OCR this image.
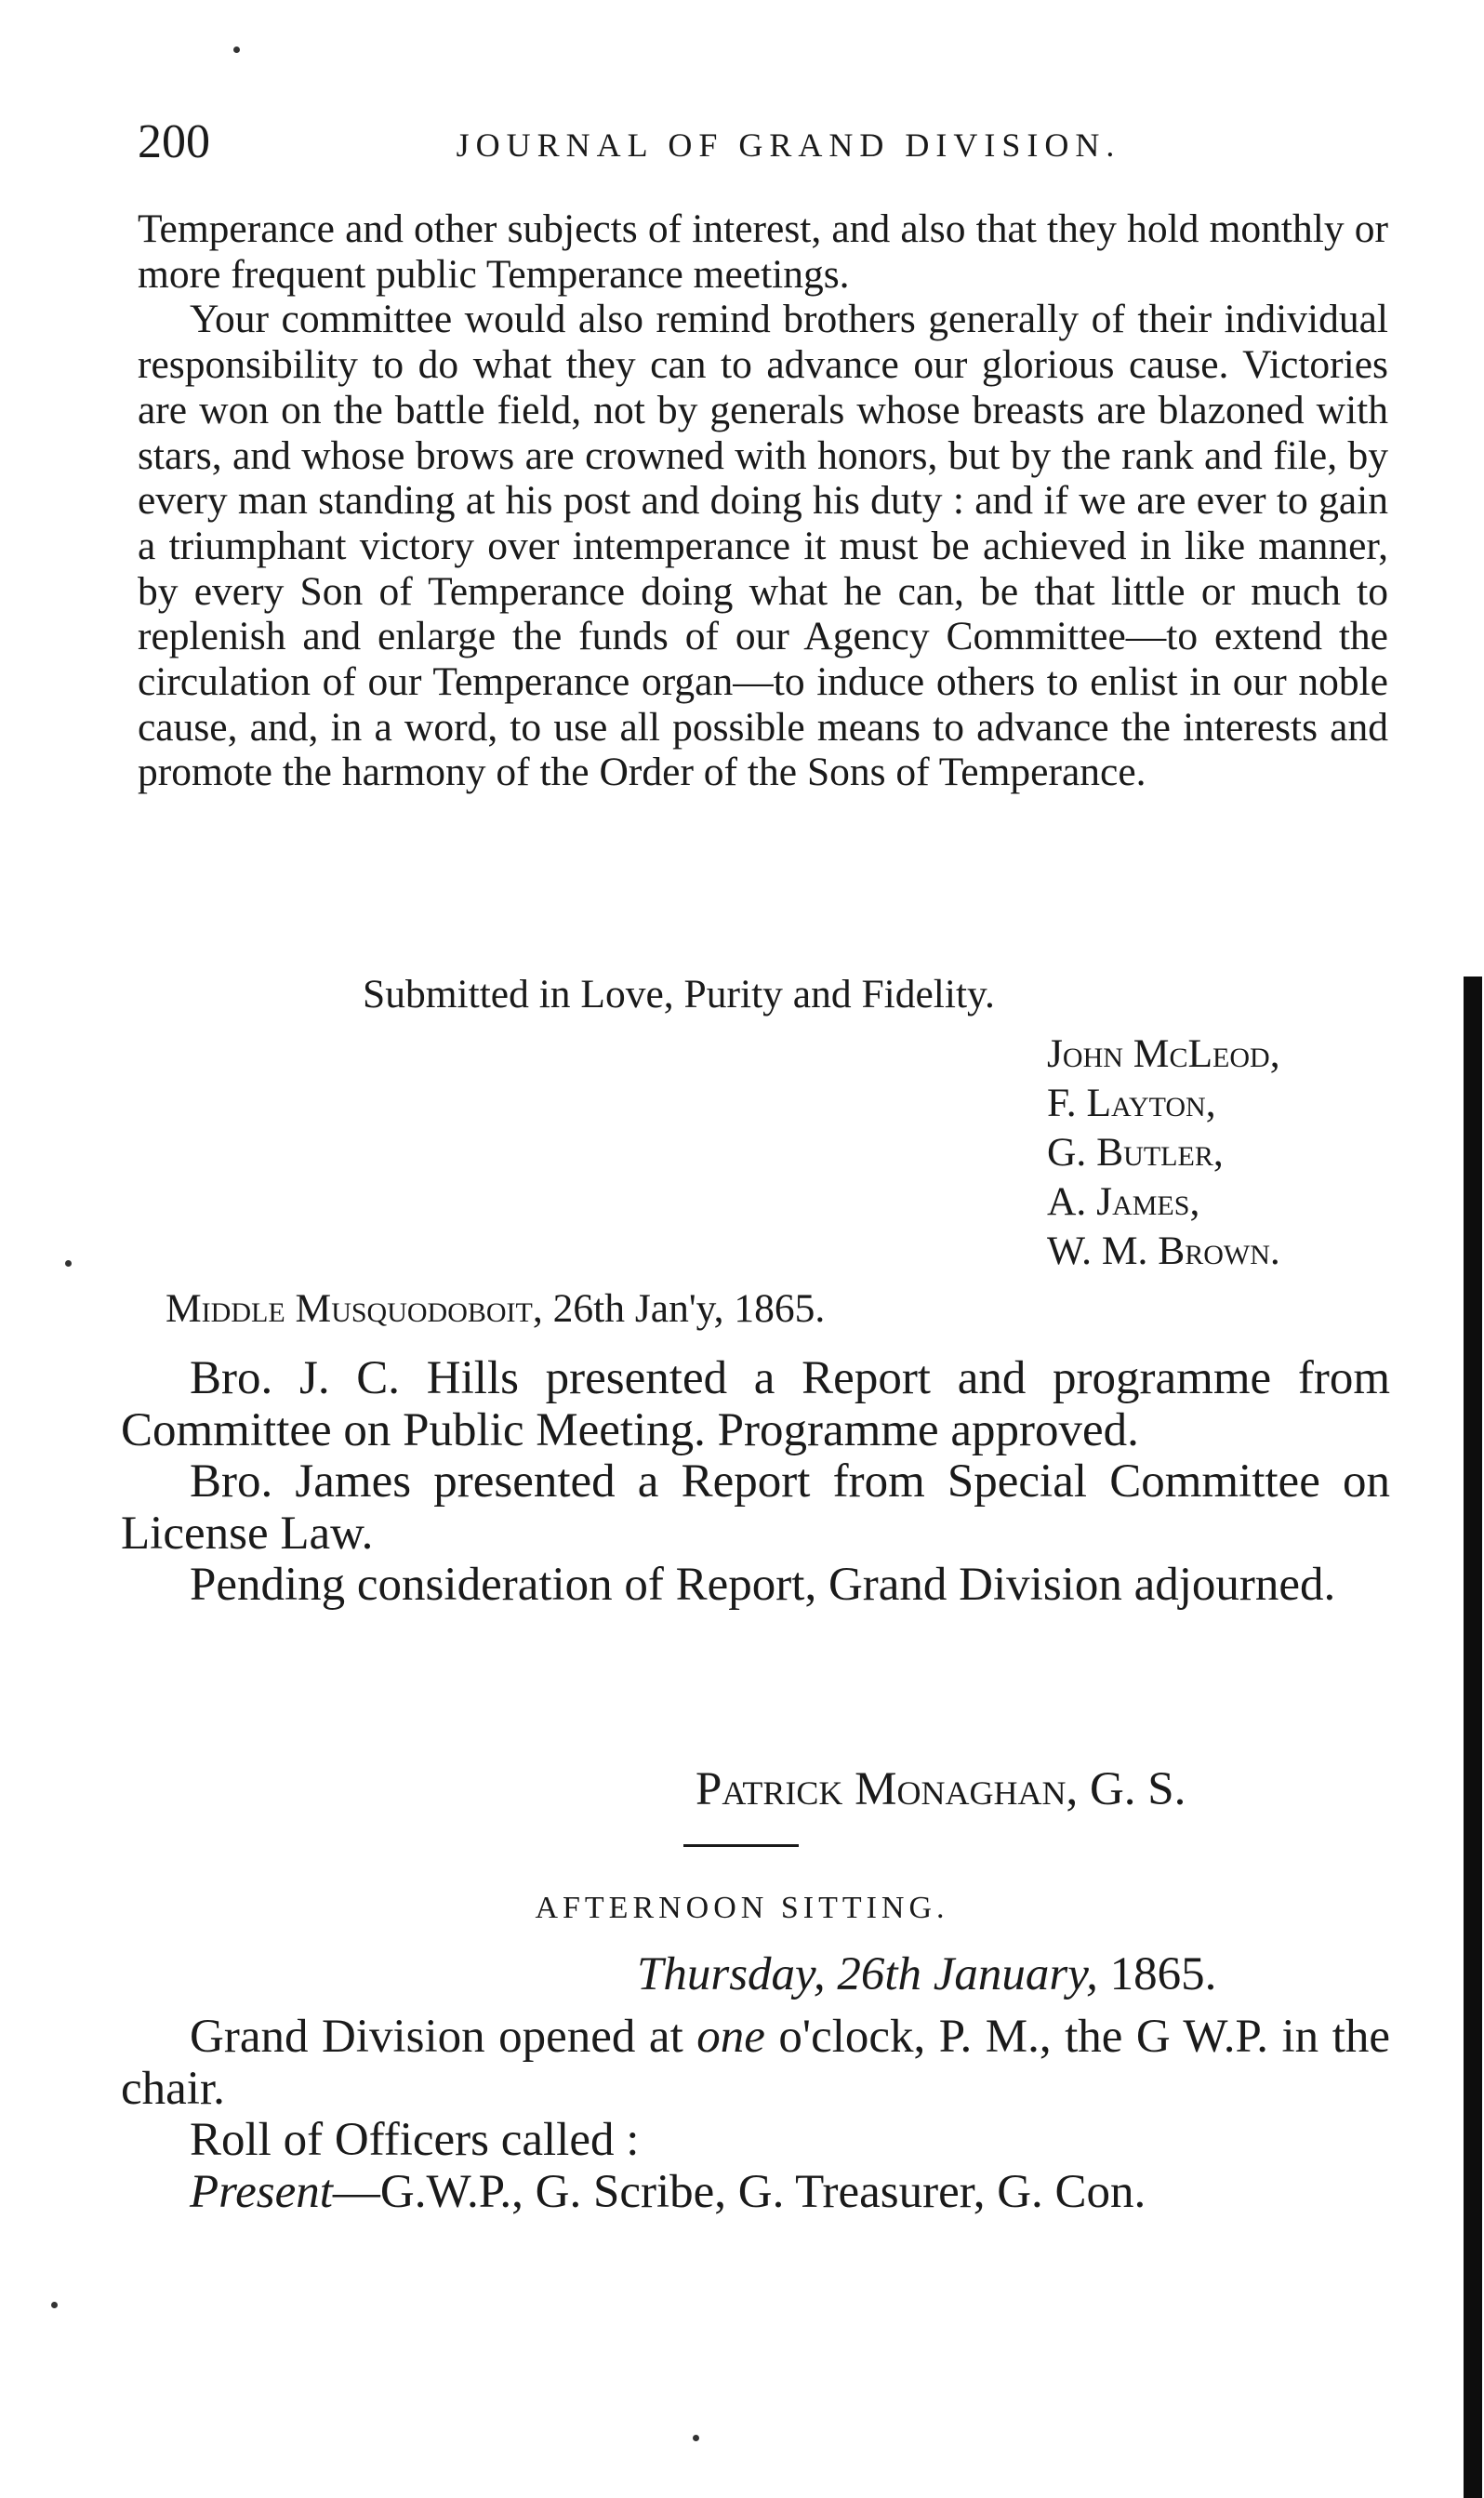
200	JOURNAL OF GRAND DIVISION.

Temperance and other subjects of interest, and also that they hold monthly or more frequent public Temperance meetings.

Your committee would also remind brothers generally of their individual responsibility to do what they can to advance our glorious cause. Victories are won on the battle field, not by generals whose breasts are blazoned with stars, and whose brows are crowned with honors, but by the rank and file, by every man standing at his post and doing his duty : and if we are ever to gain a triumphant victory over intemperance it must be achieved in like manner, by every Son of Temperance doing what he can, be that little or much to replenish and enlarge the funds of our Agency Committee—to extend the circulation of our Temperance organ—to induce others to enlist in our noble cause, and, in a word, to use all possible means to advance the interests and promote the harmony of the Order of the Sons of Temperance.

Submitted in Love, Purity and Fidelity.
John McLeod,
F. Layton,
G. Butler,
A. James,
W. M. Brown.
Middle Musquodoboit, 26th Jan'y, 1865.

Bro. J. C. Hills presented a Report and programme from Committee on Public Meeting. Programme approved.

Bro. James presented a Report from Special Committee on License Law.

Pending consideration of Report, Grand Division adjourned.

Patrick Monaghan, G. S.
AFTERNOON SITTING.
Thursday, 26th January, 1865.

Grand Division opened at one o'clock, P. M., the G W.P. in the chair.

Roll of Officers called :

Present—G.W.P., G. Scribe, G. Treasurer, G. Con.
